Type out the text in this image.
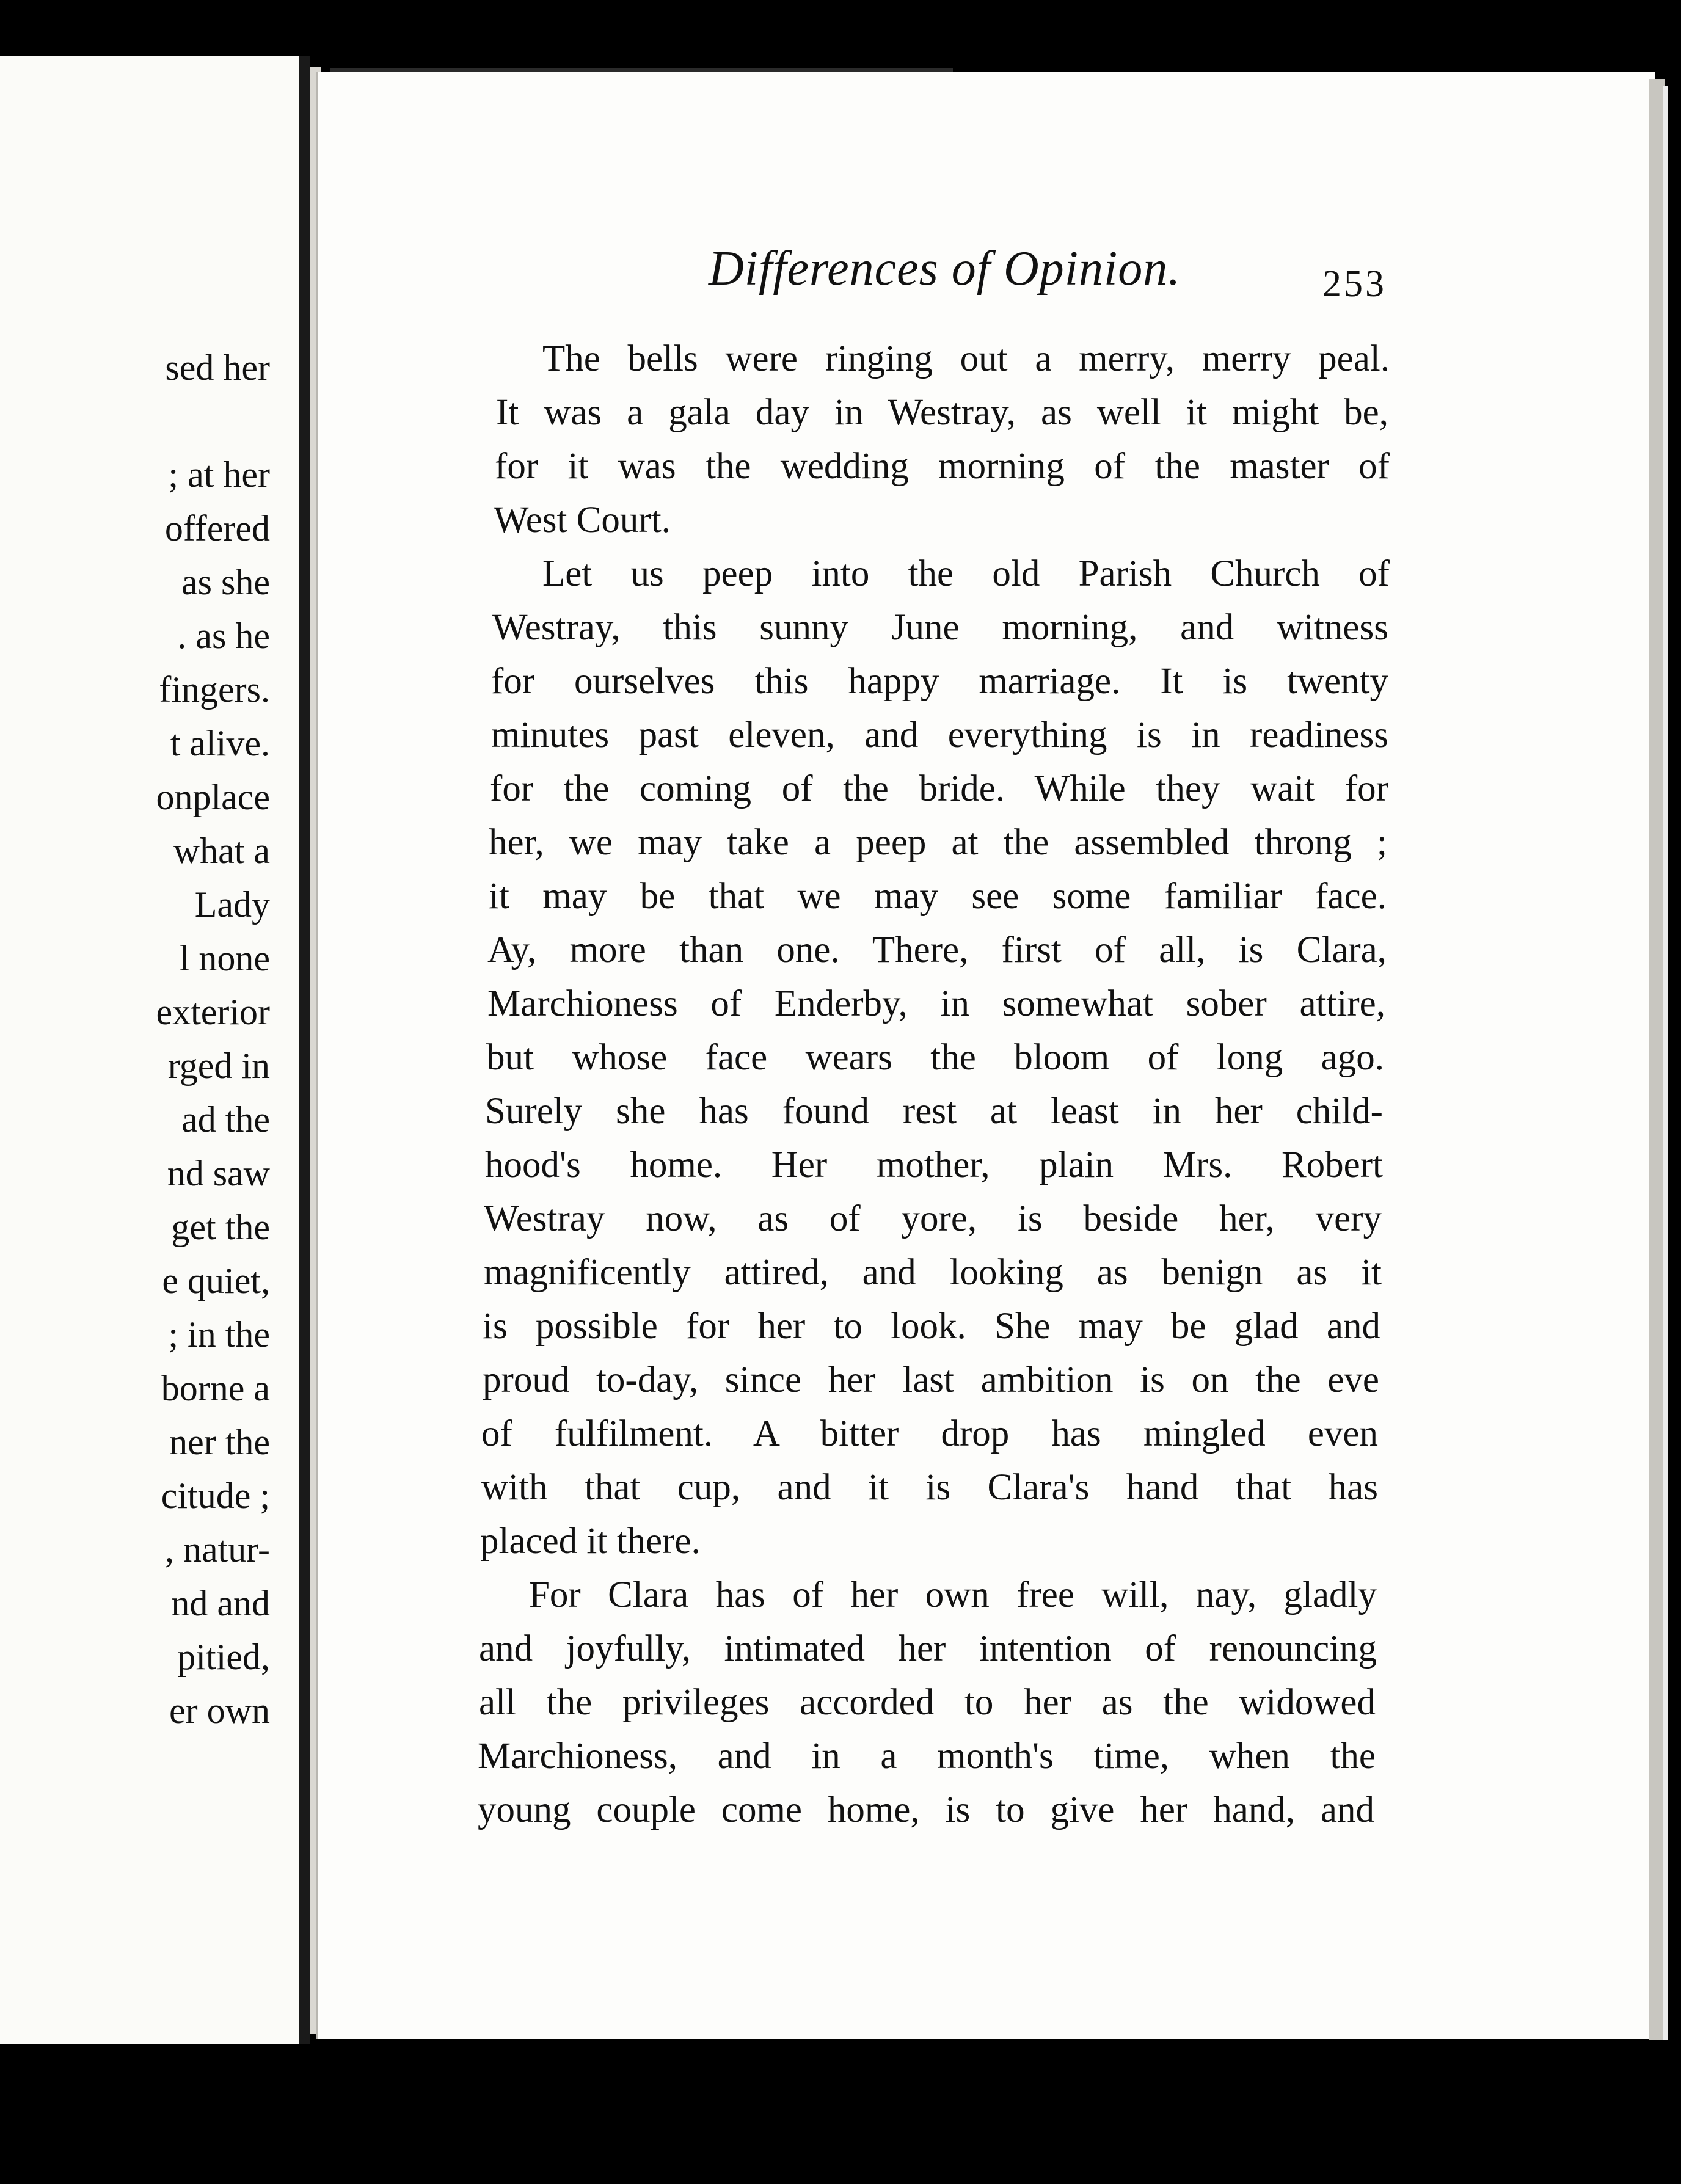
sed her
; at her
offered
as she
. as he
fingers.
t alive.
onplace
what a
Lady
l none
exterior
rged in
ad the
nd saw
get the
e quiet,
; in the
borne a
ner the
citude ;
, natur-
nd and
pitied,
er own
Differences of Opinion.	253
The bells were ringing out a merry, merry peal.
It was a gala day in Westray, as well it might be,
for it was the wedding morning of the master of
West Court.
Let us peep into the old Parish Church of
Westray, this sunny June morning, and witness
for ourselves this happy marriage. It is twenty
minutes past eleven, and everything is in readiness
for the coming of the bride. While they wait for
her, we may take a peep at the assembled throng ;
it may be that we may see some familiar face.
Ay, more than one. There, first of all, is Clara,
Marchioness of Enderby, in somewhat sober attire,
but whose face wears the bloom of long ago.
Surely she has found rest at least in her child-
hood's home. Her mother, plain Mrs. Robert
Westray now, as of yore, is beside her, very
magnificently attired, and looking as benign as it
is possible for her to look. She may be glad and
proud to-day, since her last ambition is on the eve
of fulfilment. A bitter drop has mingled even
with that cup, and it is Clara's hand that has
placed it there.
For Clara has of her own free will, nay, gladly
and joyfully, intimated her intention of renouncing
all the privileges accorded to her as the widowed
Marchioness, and in a month's time, when the
young couple come home, is to give her hand, and
